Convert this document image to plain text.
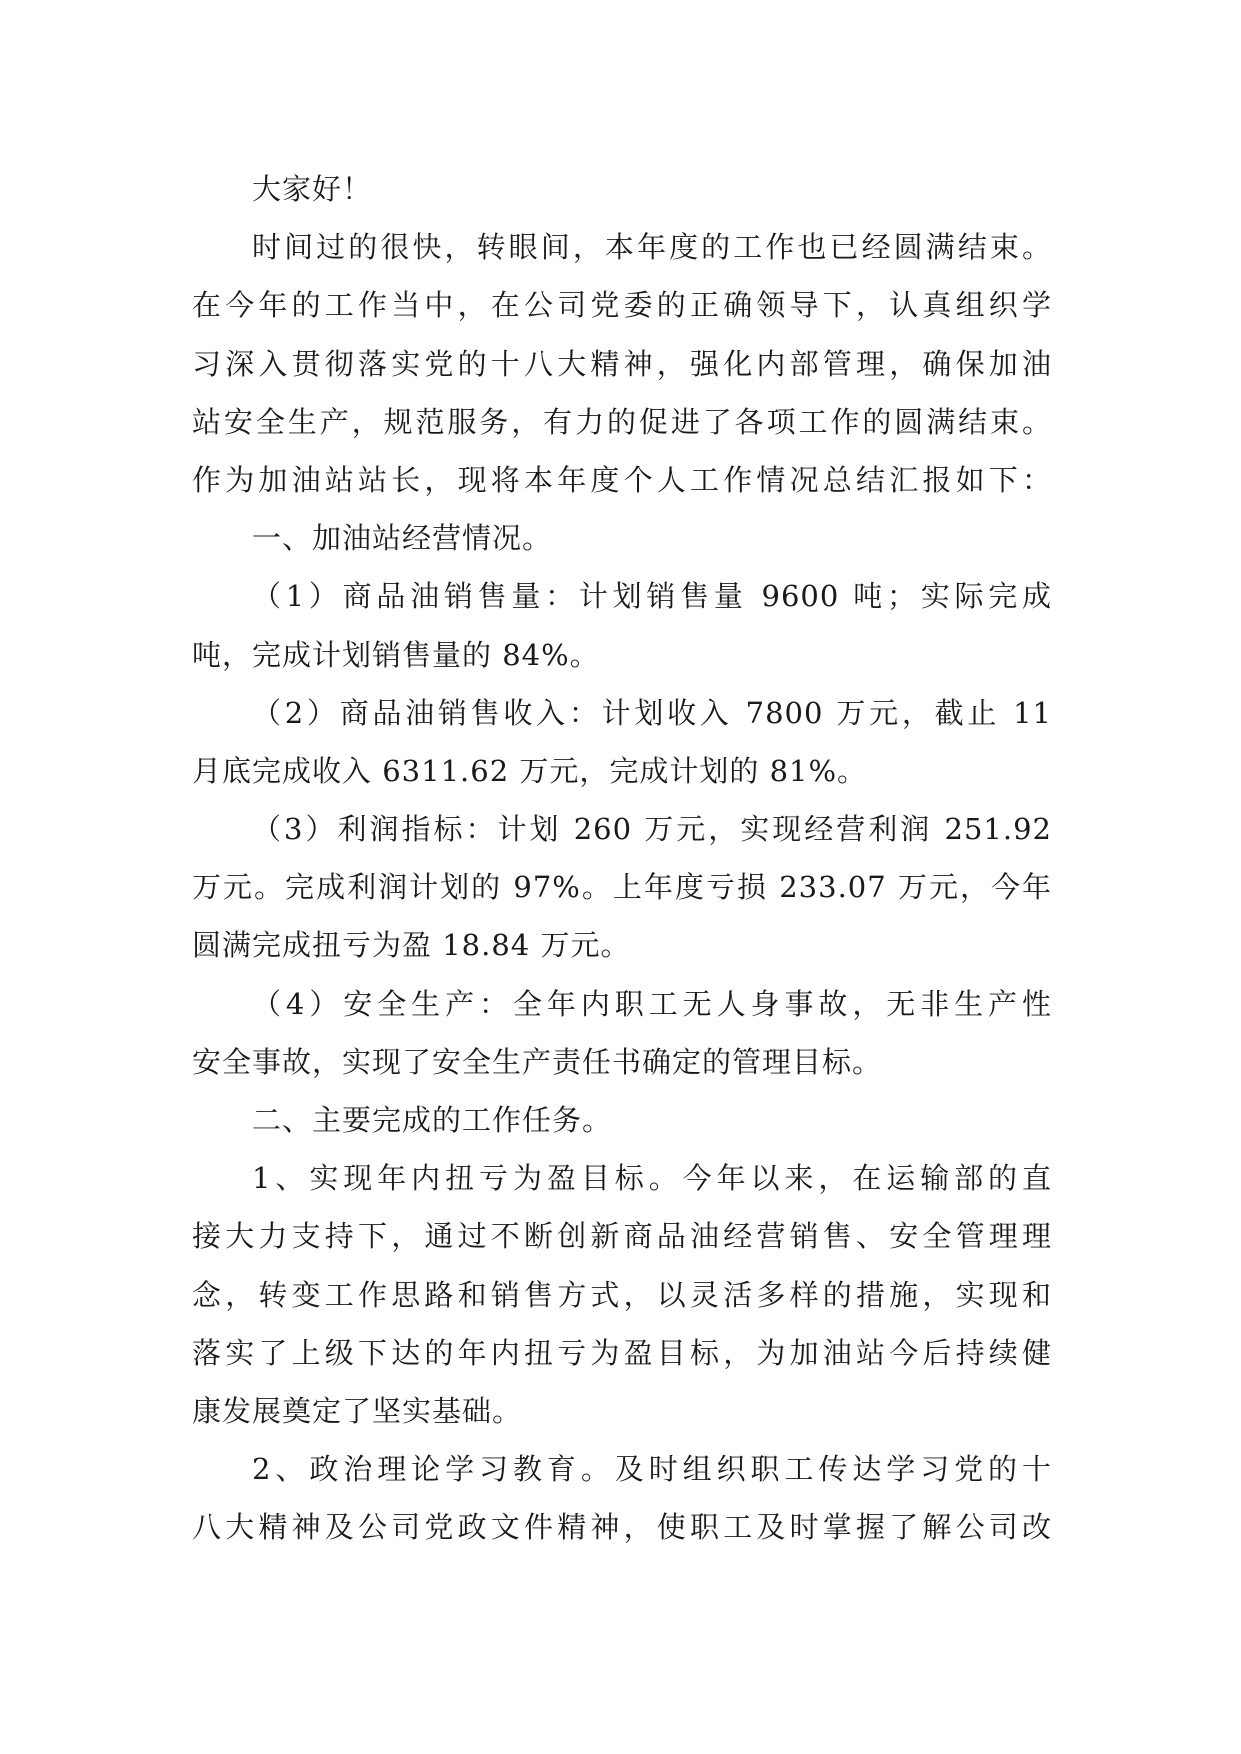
大家好！
时间过的很快，转眼间，本年度的工作也已经圆满结束。
在今年的工作当中，在公司党委的正确领导下，认真组织学
习深入贯彻落实党的十八大精神，强化内部管理，确保加油
站安全生产，规范服务，有力的促进了各项工作的圆满结束。
作为加油站站长，现将本年度个人工作情况总结汇报如下：
一、加油站经营情况。
（1）商品油销售量：计划销售量 9600 吨；实际完成
吨，完成计划销售量的 84%。
（2）商品油销售收入：计划收入 7800 万元，截止 11
月底完成收入 6311.62 万元，完成计划的 81%。
（3）利润指标：计划 260 万元，实现经营利润 251.92
万元。完成利润计划的 97%。上年度亏损 233.07 万元，今年
圆满完成扭亏为盈 18.84 万元。
（4）安全生产：全年内职工无人身事故，无非生产性
安全事故，实现了安全生产责任书确定的管理目标。
二、主要完成的工作任务。
1、实现年内扭亏为盈目标。今年以来，在运输部的直
接大力支持下，通过不断创新商品油经营销售、安全管理理
念，转变工作思路和销售方式，以灵活多样的措施，实现和
落实了上级下达的年内扭亏为盈目标，为加油站今后持续健
康发展奠定了坚实基础。
2、政治理论学习教育。及时组织职工传达学习党的十
八大精神及公司党政文件精神，使职工及时掌握了解公司改
